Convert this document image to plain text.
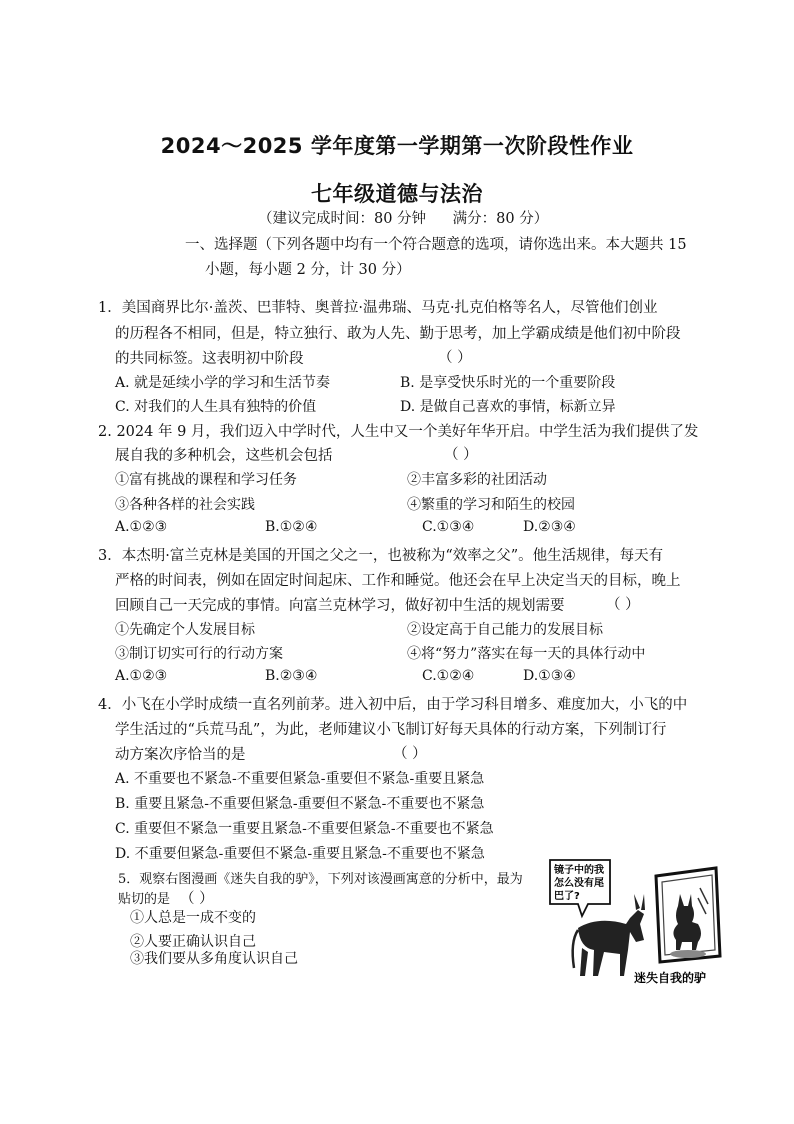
2024～2025 学年度第一学期第一次阶段性作业
七年级道德与法治
（建议完成时间：80 分钟 满分：80 分）
一、选择题（下列各题中均有一个符合题意的选项，请你选出来。本大题共 15
小题，每小题 2 分，计 30 分）
1．美国商界比尔·盖茨、巴菲特、奥普拉·温弗瑞、马克·扎克伯格等名人，尽管他们创业
的历程各不相同，但是，特立独行、敢为人先、勤于思考，加上学霸成绩是他们初中阶段
的共同标签。这表明初中阶段	（ ）
A. 就是延续小学的学习和生活节奏	B. 是享受快乐时光的一个重要阶段
C. 对我们的人生具有独特的价值	D. 是做自己喜欢的事情，标新立异
2. 2024 年 9 月，我们迈入中学时代，人生中又一个美好年华开启。中学生活为我们提供了发
展自我的多种机会，这些机会包括	（ ）
①富有挑战的课程和学习任务	②丰富多彩的社团活动
③各种各样的社会实践	④繁重的学习和陌生的校园
A.①②③	B.①②④	C.①③④	D.②③④
3．本杰明·富兰克林是美国的开国之父之一，也被称为“效率之父”。他生活规律，每天有
严格的时间表，例如在固定时间起床、工作和睡觉。他还会在早上决定当天的目标，晚上
回顾自己一天完成的事情。向富兰克林学习，做好初中生活的规划需要	（ ）
①先确定个人发展目标	②设定高于自己能力的发展目标
③制订切实可行的行动方案	④将“努力”落实在每一天的具体行动中
A.①②③	B.②③④	C.①②④	D.①③④
4．小飞在小学时成绩一直名列前茅。进入初中后，由于学习科目增多、难度加大，小飞的中
学生活过的“兵荒马乱”，为此，老师建议小飞制订好每天具体的行动方案，下列制订行
动方案次序恰当的是	（ ）
A. 不重要也不紧急-不重要但紧急-重要但不紧急-重要且紧急
B. 重要且紧急-不重要但紧急-重要但不紧急-不重要也不紧急
C. 重要但不紧急一重要且紧急-不重要但紧急-不重要也不紧急
D. 不重要但紧急-重要但不紧急-重要且紧急-不重要也不紧急
5．观察右图漫画《迷失自我的驴》，下列对该漫画寓意的分析中，最为
贴切的是 （ ）
①人总是一成不变的
②人要正确认识自己
③我们要从多角度认识自己
镜子中的我
怎么没有尾
巴了?
迷失自我的驴
